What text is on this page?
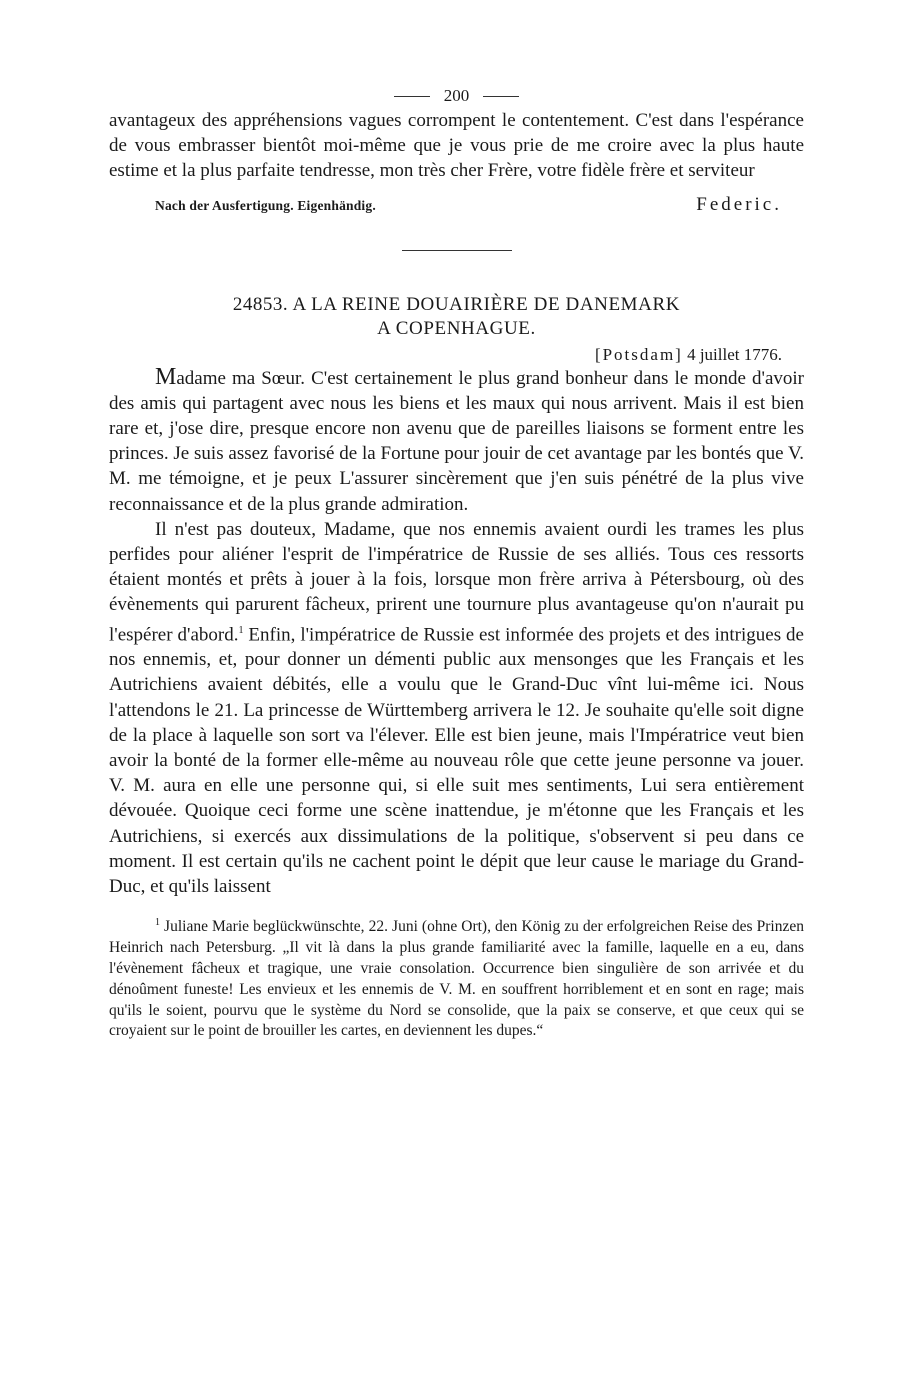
200

avantageux des appréhensions vagues corrompent le contentement. C'est dans l'espérance de vous embrasser bientôt moi-même que je vous prie de me croire avec la plus haute estime et la plus parfaite tendresse, mon très cher Frère, votre fidèle frère et serviteur

Nach der Ausfertigung. Eigenhändig.	Federic.
24853. A LA REINE DOUAIRIÈRE DE DANEMARK
A COPENHAGUE.
[Potsdam] 4 juillet 1776.

Madame ma Sœur. C'est certainement le plus grand bonheur dans le monde d'avoir des amis qui partagent avec nous les biens et les maux qui nous arrivent. Mais il est bien rare et, j'ose dire, presque encore non avenu que de pareilles liaisons se forment entre les princes. Je suis assez favorisé de la Fortune pour jouir de cet avantage par les bontés que V. M. me témoigne, et je peux L'assurer sincèrement que j'en suis pénétré de la plus vive reconnaissance et de la plus grande admiration.

Il n'est pas douteux, Madame, que nos ennemis avaient ourdi les trames les plus perfides pour aliéner l'esprit de l'impératrice de Russie de ses alliés. Tous ces ressorts étaient montés et prêts à jouer à la fois, lorsque mon frère arriva à Pétersbourg, où des évènements qui parurent fâcheux, prirent une tournure plus avantageuse qu'on n'aurait pu l'espérer d'abord.$^1$ Enfin, l'impératrice de Russie est informée des projets et des intrigues de nos ennemis, et, pour donner un démenti public aux mensonges que les Français et les Autrichiens avaient débités, elle a voulu que le Grand-Duc vînt lui-même ici. Nous l'attendons le 21. La princesse de Württemberg arrivera le 12. Je souhaite qu'elle soit digne de la place à laquelle son sort va l'élever. Elle est bien jeune, mais l'Impératrice veut bien avoir la bonté de la former elle-même au nouveau rôle que cette jeune personne va jouer. V. M. aura en elle une personne qui, si elle suit mes sentiments, Lui sera entièrement dévouée. Quoique ceci forme une scène inattendue, je m'étonne que les Français et les Autrichiens, si exercés aux dissimulations de la politique, s'observent si peu dans ce moment. Il est certain qu'ils ne cachent point le dépit que leur cause le mariage du Grand-Duc, et qu'ils laissent

$^1$ Juliane Marie beglückwünschte, 22. Juni (ohne Ort), den König zu der erfolgreichen Reise des Prinzen Heinrich nach Petersburg. „Il vit là dans la plus grande familiarité avec la famille, laquelle en a eu, dans l'évènement fâcheux et tragique, une vraie consolation. Occurrence bien singulière de son arrivée et du dénoûment funeste! Les envieux et les ennemis de V. M. en souffrent horriblement et en sont en rage; mais qu'ils le soient, pourvu que le système du Nord se consolide, que la paix se conserve, et que ceux qui se croyaient sur le point de brouiller les cartes, en deviennent les dupes.“
